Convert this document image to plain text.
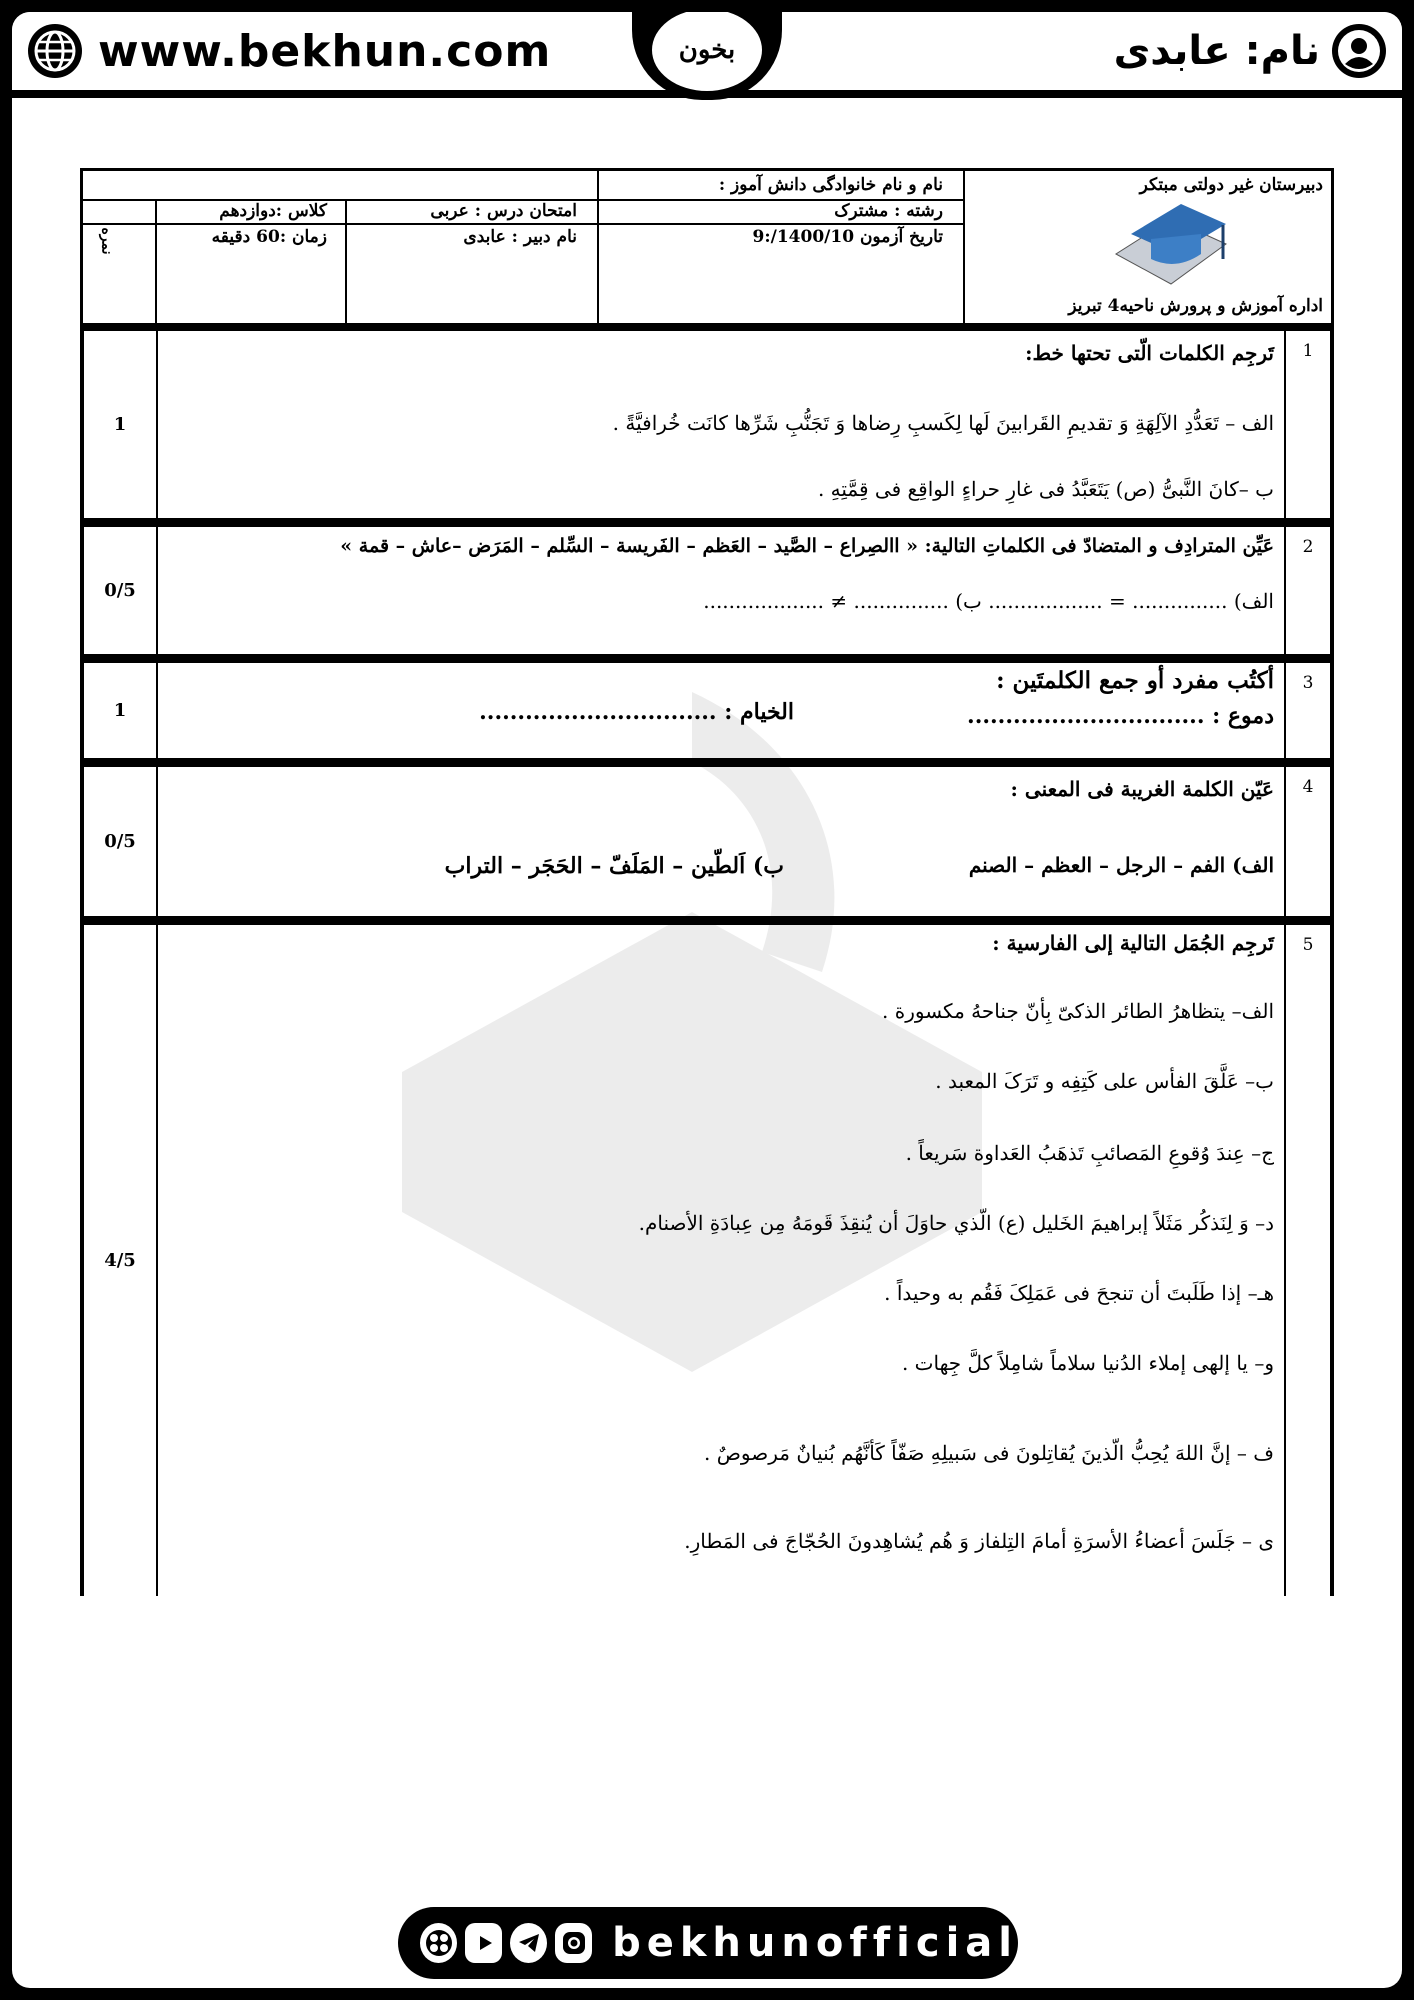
www.bekhun.com	نام: عابدی
بخون
دبیرستان غیر دولتی مبتکر
اداره آموزش و پرورش ناحیه4 تبریز
نام و نام خانوادگی دانش آموز :
رشته : مشترک
تاریخ آزمون 1400/10/:9
امتحان درس : عربی
نام دبیر : عابدی
کلاس :دوازدهم
زمان :60 دقیقه
نمره
1
1
تَرجِم الکلمات الّتی تحتها خط:
الف – تَعَدُّدِ الآلِهَةِ وَ تقدیمِ القَرابینَ لَها لِکَسبِ رِضاها وَ تَجَنُّبِ شَرِّها کانَت خُرافیَّةً .
ب –کانَ النَّبیُّ (ص) یَتَعَبَّدُ فی غارِ حراءٍ الواقِع فی قِمَّتِهِ .
2
0/5
عَیِّن المترادِف و المتضادّ فی الکلماتِ التالیة: « االصِراع – الصَّید – العَظم – الفَریسة – السِّلم – المَرَض –عاش – قمة »
الف) ............... = .................. ب) ............... ≠ ...................
3
1
أکتُب مفرد أو جمع الکلمتَین :
دموع : ...............................
الخیام : ...............................
4
0/5
عَیّن الکلمة الغریبة فی المعنی :
الف) الفم – الرجل – العظم – الصنم
ب) اَلطّین – المَلَفّ – الحَجَر – التراب
5
4/5
تَرجِم الجُمَل التالیة إلی الفارسیة :
الف– یتظاهرُ الطائر الذکیّ بِأنّ جناحهُ مکسورة .
ب– عَلَّقَ الفأس علی کَتِفِه و تَرَکَ المعبد .
ج– عِندَ وُقوعِ المَصائبِ تَذهَبُ العَداوة سَریعاً .
د– وَ لِنَذکُر مَثَلاً إبراهیمَ الخَلیل (ع) الّذي حاوَلَ أن یُنقِذَ قَومَهُ مِن عِبادَةِ الأصنام.
هـ– إذا طَلَبتَ أن تنجحَ فی عَمَلِکَ فَقُم به وحیداً .
و– یا إلهی إملاء الدُنیا سلاماً شامِلاً کلَّ جِهات .
ف – إنَّ اللهَ یُحِبُّ الّذینَ یُقاتِلونَ فی سَبیلِهِ صَفّاً کَأنَّهُم بُنیانٌ مَرصوصٌ .
ی – جَلَسَ أعضاءُ الأسرَةِ أمامَ التِلفاز وَ هُم یُشاهِدونَ الحُجّاجَ فی المَطارِ.
bekhunofficial
